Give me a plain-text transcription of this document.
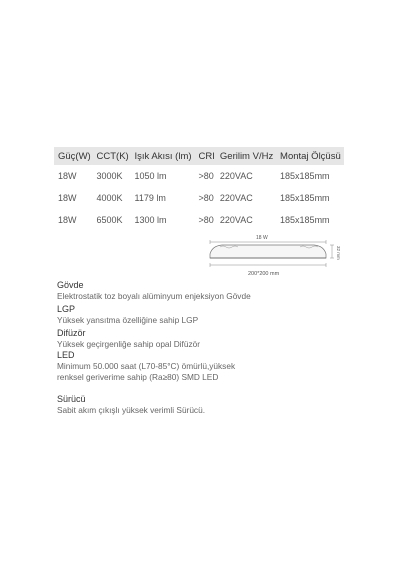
Güç(W)	CCT(K)	Işık Akısı (lm)	CRI	Gerilim V/Hz	Montaj Ölçüsü
18W	3000K	1050 lm	>80	220VAC	185x185mm
18W	4000K	1179 lm	>80	220VAC	185x185mm
18W	6500K	1300 lm	>80	220VAC	185x185mm
18 W
32 mm
200*200 mm
Gövde
Elektrostatik toz boyalı alüminyum enjeksiyon Gövde
LGP
Yüksek yansıtma özelliğine sahip LGP
Difüzör
Yüksek geçirgenliğe sahip opal Difüzör
LED
Minimum 50.000 saat (L70-85°C) ömürlü,yüksek
renksel geriverime sahip (Ra≥80) SMD LED
Sürücü
Sabit akım çıkışlı yüksek verimli Sürücü.
